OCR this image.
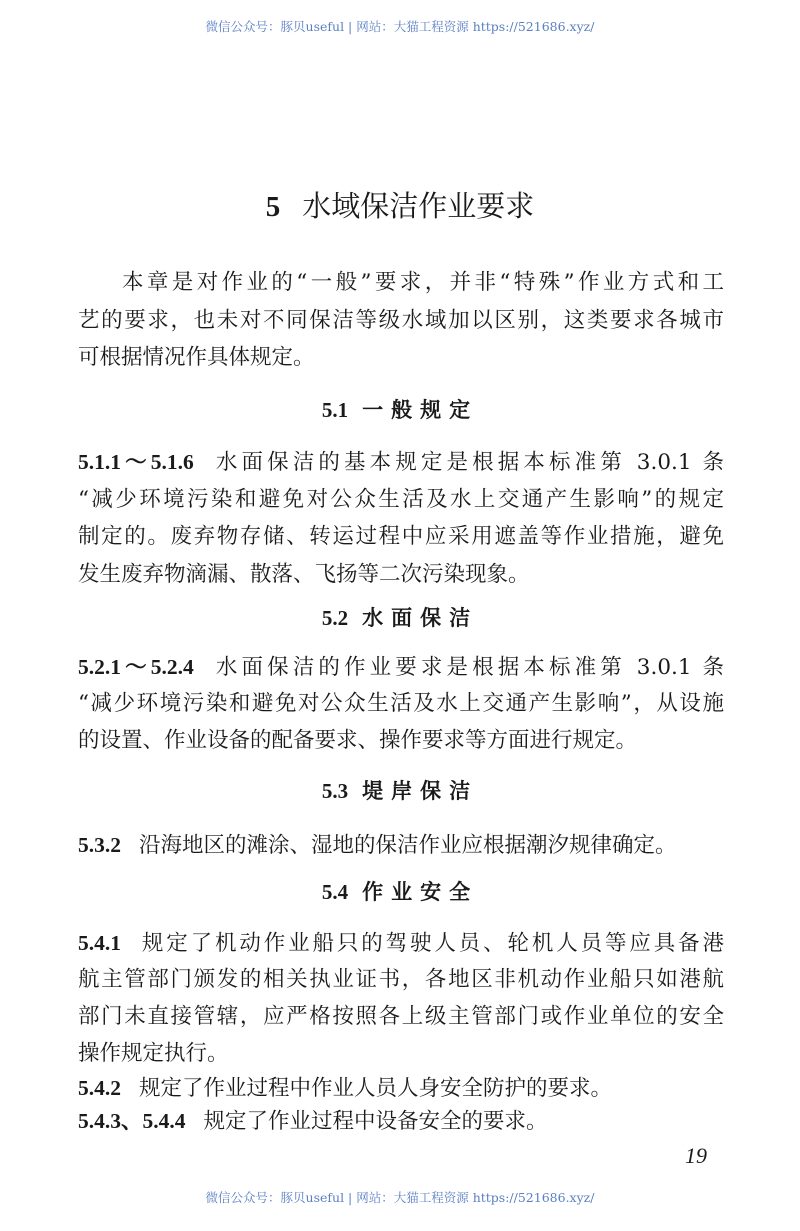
微信公众号：豚贝useful | 网站：大猫工程资源 https://521686.xyz/
5 水域保洁作业要求
本章是对作业的“一般”要求，并非“特殊”作业方式和工
艺的要求，也未对不同保洁等级水域加以区别，这类要求各城市
可根据情况作具体规定。
5.1 一般规定
5.1.1～5.1.6 水面保洁的基本规定是根据本标准第 3.0.1 条
“减少环境污染和避免对公众生活及水上交通产生影响”的规定
制定的。废弃物存储、转运过程中应采用遮盖等作业措施，避免
发生废弃物滴漏、散落、飞扬等二次污染现象。
5.2 水面保洁
5.2.1～5.2.4 水面保洁的作业要求是根据本标准第 3.0.1 条
“减少环境污染和避免对公众生活及水上交通产生影响”，从设施
的设置、作业设备的配备要求、操作要求等方面进行规定。
5.3 堤岸保洁
5.3.2 沿海地区的滩涂、湿地的保洁作业应根据潮汐规律确定。
5.4 作业安全
5.4.1 规定了机动作业船只的驾驶人员、轮机人员等应具备港
航主管部门颁发的相关执业证书，各地区非机动作业船只如港航
部门未直接管辖，应严格按照各上级主管部门或作业单位的安全
操作规定执行。
5.4.2 规定了作业过程中作业人员人身安全防护的要求。
5.4.3、5.4.4 规定了作业过程中设备安全的要求。
19
微信公众号：豚贝useful | 网站：大猫工程资源 https://521686.xyz/
